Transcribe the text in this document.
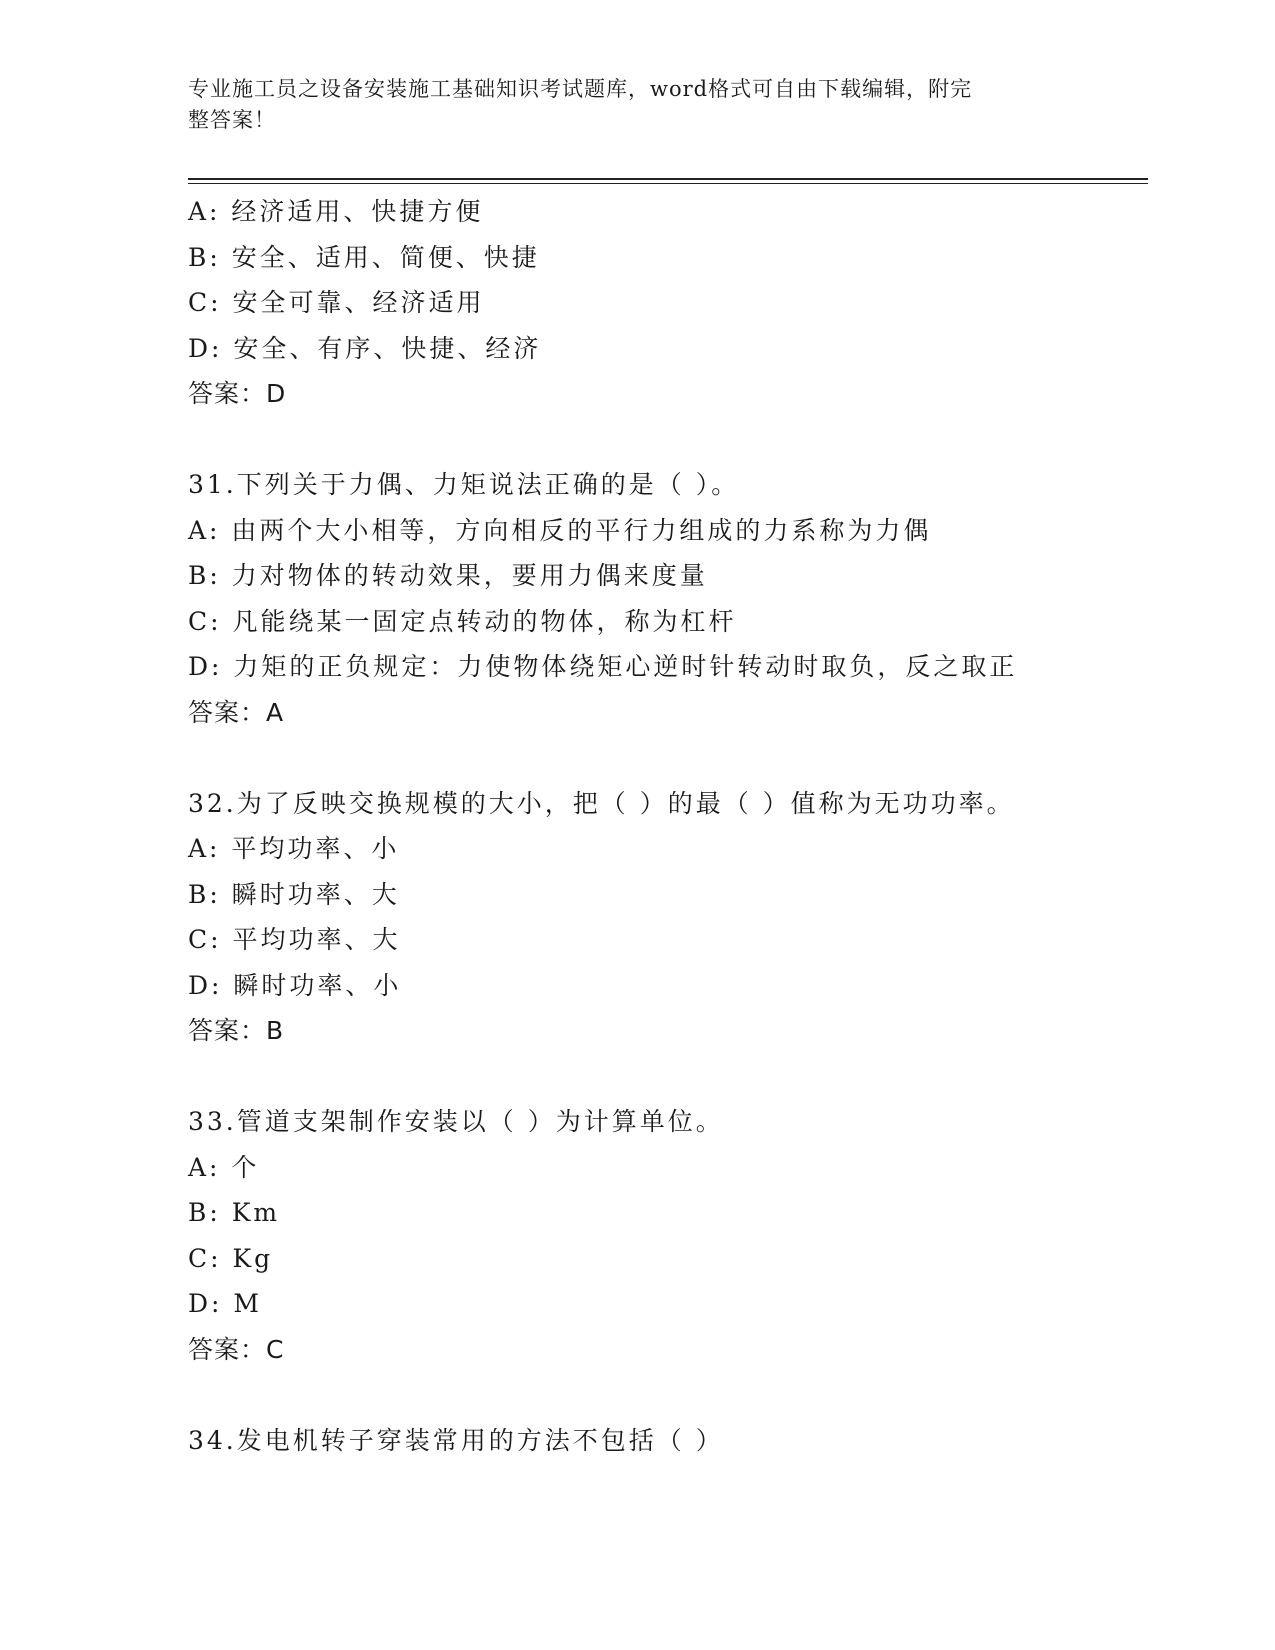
专业施工员之设备安装施工基础知识考试题库，word格式可自由下载编辑，附完
整答案！
A: 经济适用、快捷方便
B: 安全、适用、简便、快捷
C: 安全可靠、经济适用
D: 安全、有序、快捷、经济
答案：D
31.下列关于力偶、力矩说法正确的是（ ）。
A: 由两个大小相等，方向相反的平行力组成的力系称为力偶
B: 力对物体的转动效果，要用力偶来度量
C: 凡能绕某一固定点转动的物体，称为杠杆
D: 力矩的正负规定：力使物体绕矩心逆时针转动时取负，反之取正
答案：A
32.为了反映交换规模的大小，把（ ）的最（ ）值称为无功功率。
A: 平均功率、小
B: 瞬时功率、大
C: 平均功率、大
D: 瞬时功率、小
答案：B
33.管道支架制作安装以（ ）为计算单位。
A: 个
B: Km
C: Kg
D: M
答案：C
34.发电机转子穿装常用的方法不包括（ ）
